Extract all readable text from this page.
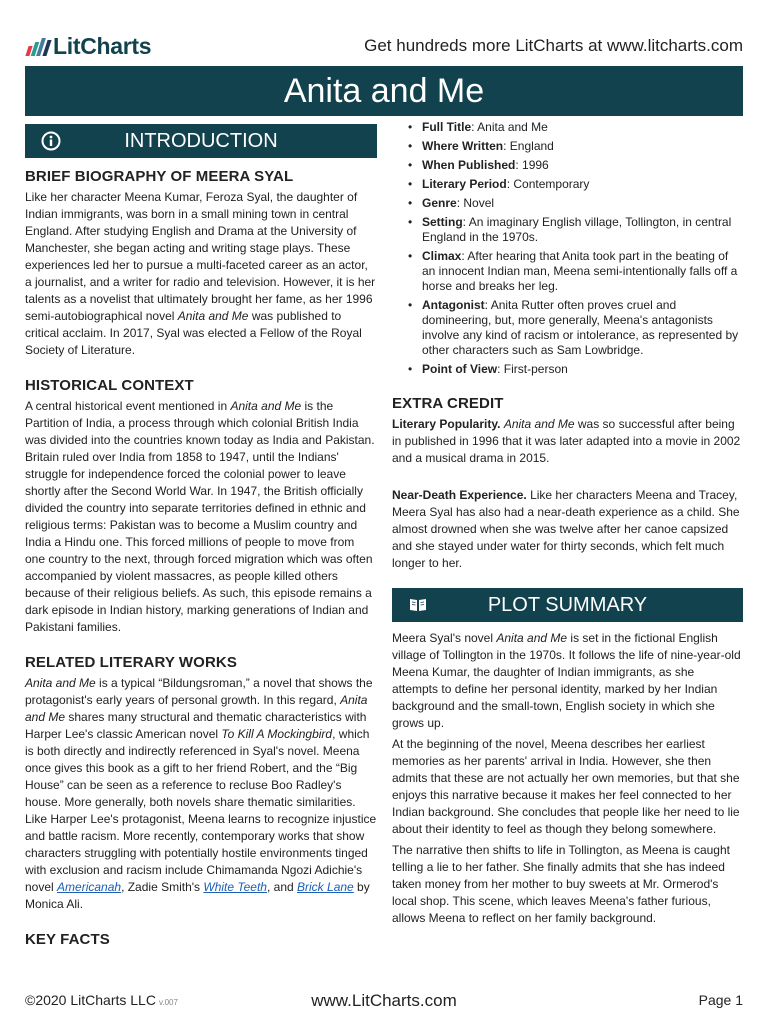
LitCharts	Get hundreds more LitCharts at www.litcharts.com
Anita and Me
INTRODUCTION
BRIEF BIOGRAPHY OF MEERA SYAL

Like her character Meena Kumar, Feroza Syal, the daughter of Indian immigrants, was born in a small mining town in central England. After studying English and Drama at the University of Manchester, she began acting and writing stage plays. These experiences led her to pursue a multi-faceted career as an actor, a journalist, and a writer for radio and television. However, it is her talents as a novelist that ultimately brought her fame, as her 1996 semi-autobiographical novel Anita and Me was published to critical acclaim. In 2017, Syal was elected a Fellow of the Royal Society of Literature.

HISTORICAL CONTEXT

A central historical event mentioned in Anita and Me is the Partition of India, a process through which colonial British India was divided into the countries known today as India and Pakistan. Britain ruled over India from 1858 to 1947, until the Indians' struggle for independence forced the colonial power to leave shortly after the Second World War. In 1947, the British officially divided the country into separate territories defined in ethnic and religious terms: Pakistan was to become a Muslim country and India a Hindu one. This forced millions of people to move from one country to the next, through forced migration which was often accompanied by violent massacres, as people killed others because of their religious beliefs. As such, this episode remains a dark episode in Indian history, marking generations of Indian and Pakistani families.

RELATED LITERARY WORKS

Anita and Me is a typical “Bildungsroman,” a novel that shows the protagonist's early years of personal growth. In this regard, Anita and Me shares many structural and thematic characteristics with Harper Lee's classic American novel To Kill A Mockingbird, which is both directly and indirectly referenced in Syal's novel. Meena once gives this book as a gift to her friend Robert, and the “Big House” can be seen as a reference to recluse Boo Radley's house. More generally, both novels share thematic similarities. Like Harper Lee's protagonist, Meena learns to recognize injustice and battle racism. More recently, contemporary works that show characters struggling with potentially hostile environments tinged with exclusion and racism include Chimamanda Ngozi Adichie's novel Americanah, Zadie Smith's White Teeth, and Brick Lane by Monica Ali.

KEY FACTS
• Full Title: Anita and Me
• Where Written: England
• When Published: 1996
• Literary Period: Contemporary
• Genre: Novel
• Setting: An imaginary English village, Tollington, in central England in the 1970s.
• Climax: After hearing that Anita took part in the beating of an innocent Indian man, Meena semi-intentionally falls off a horse and breaks her leg.
• Antagonist: Anita Rutter often proves cruel and domineering, but, more generally, Meena's antagonists involve any kind of racism or intolerance, as represented by other characters such as Sam Lowbridge.
• Point of View: First-person
EXTRA CREDIT

Literary Popularity. Anita and Me was so successful after being in published in 1996 that it was later adapted into a movie in 2002 and a musical drama in 2015.

Near-Death Experience. Like her characters Meena and Tracey, Meera Syal has also had a near-death experience as a child. She almost drowned when she was twelve after her canoe capsized and she stayed under water for thirty seconds, which felt much longer to her.

PLOT SUMMARY

Meera Syal's novel Anita and Me is set in the fictional English village of Tollington in the 1970s. It follows the life of nine-year-old Meena Kumar, the daughter of Indian immigrants, as she attempts to define her personal identity, marked by her Indian background and the small-town, English society in which she grows up.

At the beginning of the novel, Meena describes her earliest memories as her parents' arrival in India. However, she then admits that these are not actually her own memories, but that she enjoys this narrative because it makes her feel connected to her Indian background. She concludes that people like her need to lie about their identity to feel as though they belong somewhere.

The narrative then shifts to life in Tollington, as Meena is caught telling a lie to her father. She finally admits that she has indeed taken money from her mother to buy sweets at Mr. Ormerod's local shop. This scene, which leaves Meena's father furious, allows Meena to reflect on her family background.

©2020 LitCharts LLC v.007	www.LitCharts.com	Page 1
